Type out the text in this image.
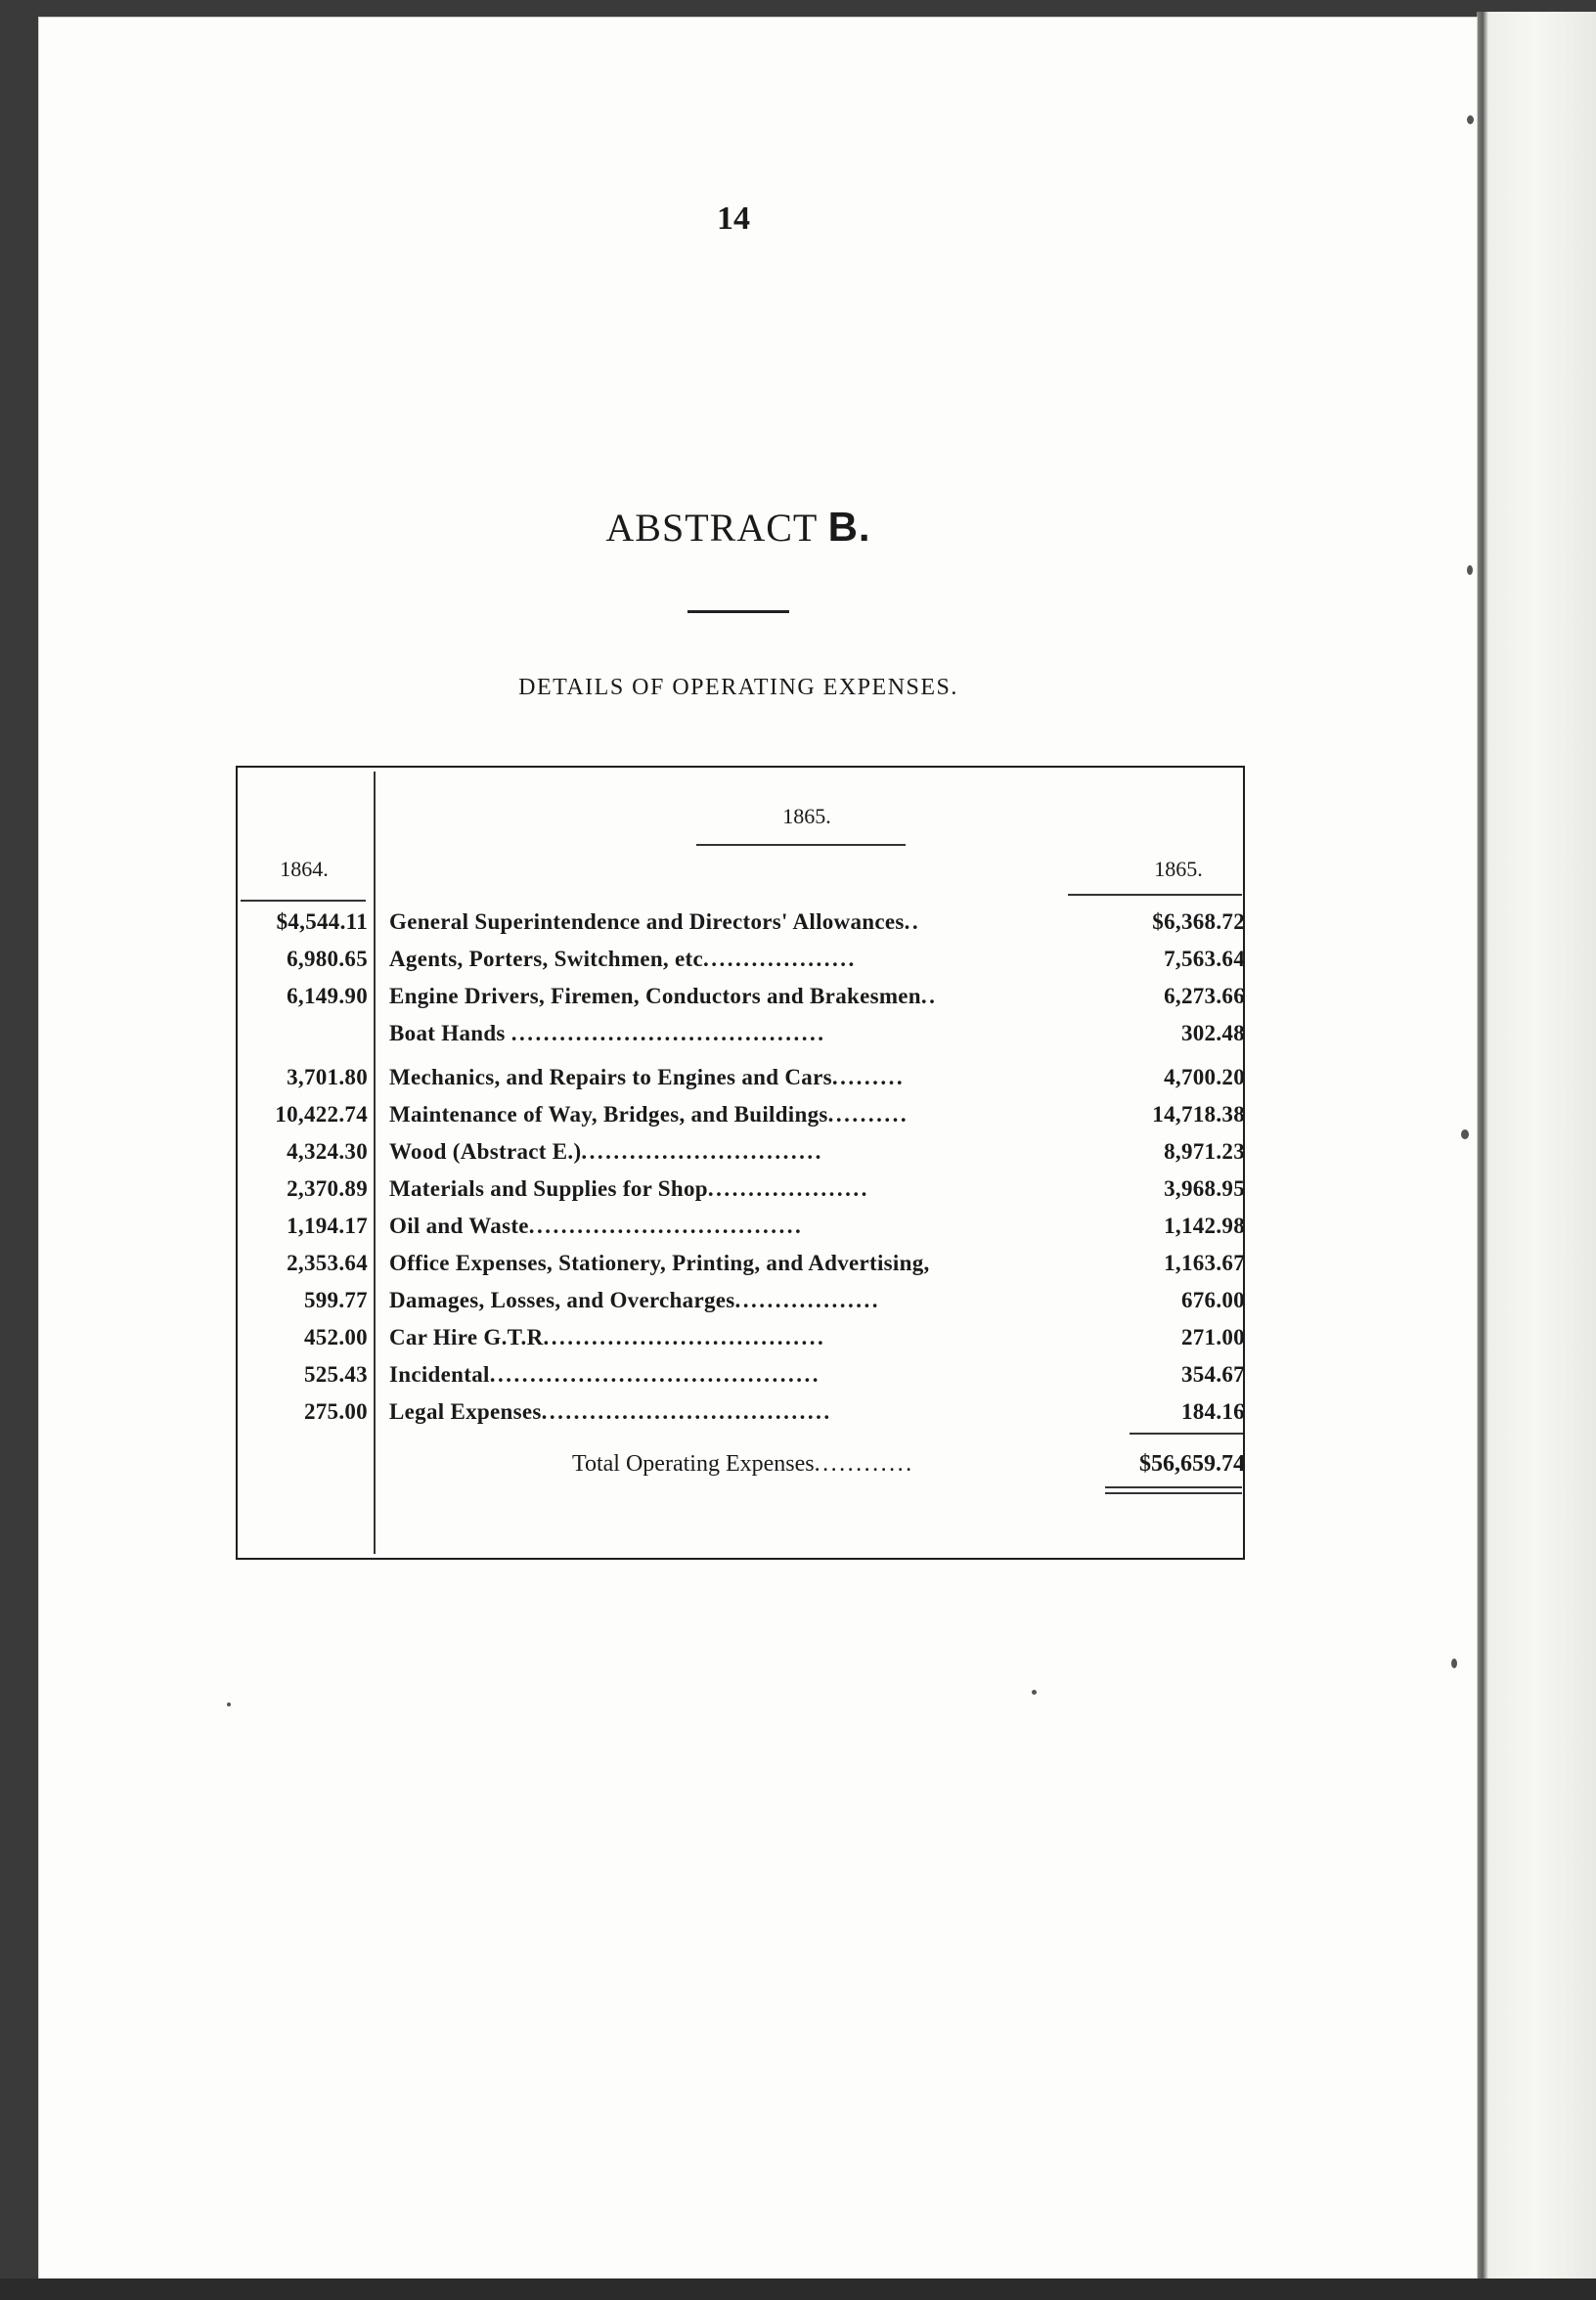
14
ABSTRACT B.
DETAILS OF OPERATING EXPENSES.
1865.
1864.	1865.
$4,544.11 General Superintendence and Directors' Allowances..	$6,368.72
6,980.65 Agents, Porters, Switchmen, etc...................	7,563.64
6,149.90 Engine Drivers, Firemen, Conductors and Brakesmen..	6,273.66
Boat Hands .......................................	302.48
3,701.80 Mechanics, and Repairs to Engines and Cars.........	4,700.20
10,422.74 Maintenance of Way, Bridges, and Buildings..........	14,718.38
4,324.30 Wood (Abstract E.)..............................	8,971.23
2,370.89 Materials and Supplies for Shop....................	3,968.95
1,194.17 Oil and Waste..................................	1,142.98
2,353.64 Office Expenses, Stationery, Printing, and Advertising,	1,163.67
599.77 Damages, Losses, and Overcharges..................	676.00
452.00 Car Hire G.T.R...................................	271.00
525.43 Incidental.........................................	354.67
275.00 Legal Expenses....................................	184.16
Total Operating Expenses............	$56,659.74
